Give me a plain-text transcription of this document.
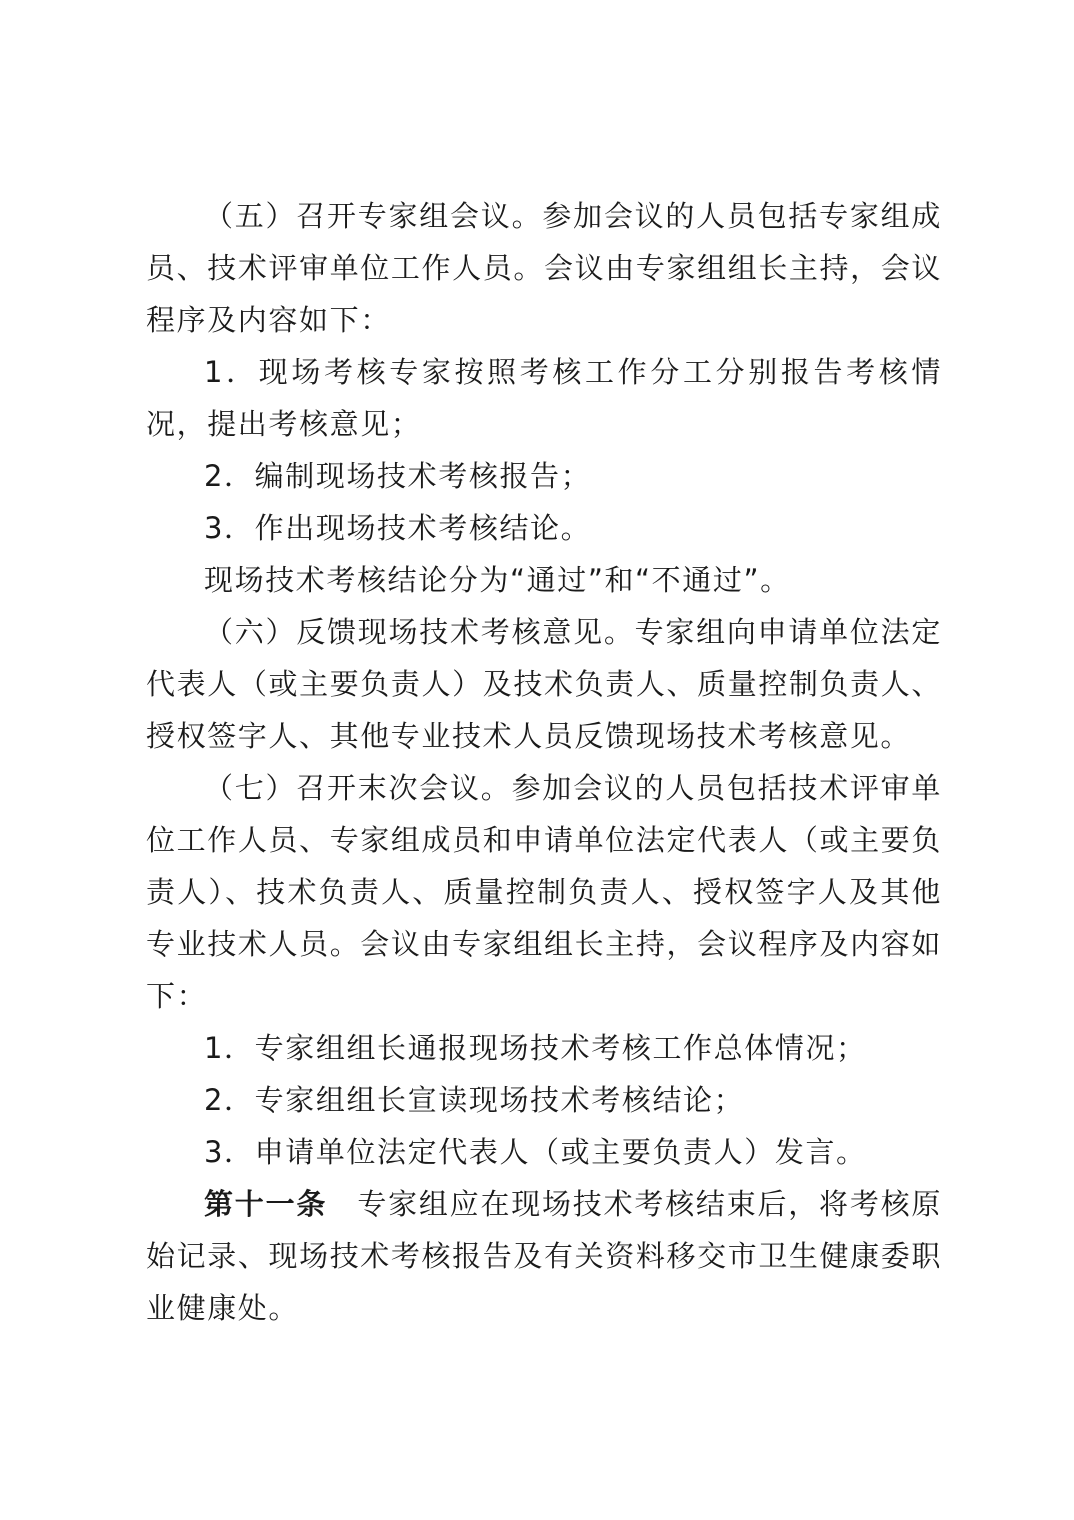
（五）召开专家组会议。参加会议的人员包括专家组成员、技术评审单位工作人员。会议由专家组组长主持，会议程序及内容如下：

1．现场考核专家按照考核工作分工分别报告考核情况，提出考核意见；

2．编制现场技术考核报告；

3．作出现场技术考核结论。

现场技术考核结论分为“通过”和“不通过”。

（六）反馈现场技术考核意见。专家组向申请单位法定代表人（或主要负责人）及技术负责人、质量控制负责人、授权签字人、其他专业技术人员反馈现场技术考核意见。

（七）召开末次会议。参加会议的人员包括技术评审单位工作人员、专家组成员和申请单位法定代表人（或主要负责人）、技术负责人、质量控制负责人、授权签字人及其他专业技术人员。会议由专家组组长主持，会议程序及内容如下：

1．专家组组长通报现场技术考核工作总体情况；

2．专家组组长宣读现场技术考核结论；

3．申请单位法定代表人（或主要负责人）发言。

第十一条 专家组应在现场技术考核结束后，将考核原始记录、现场技术考核报告及有关资料移交市卫生健康委职业健康处。
